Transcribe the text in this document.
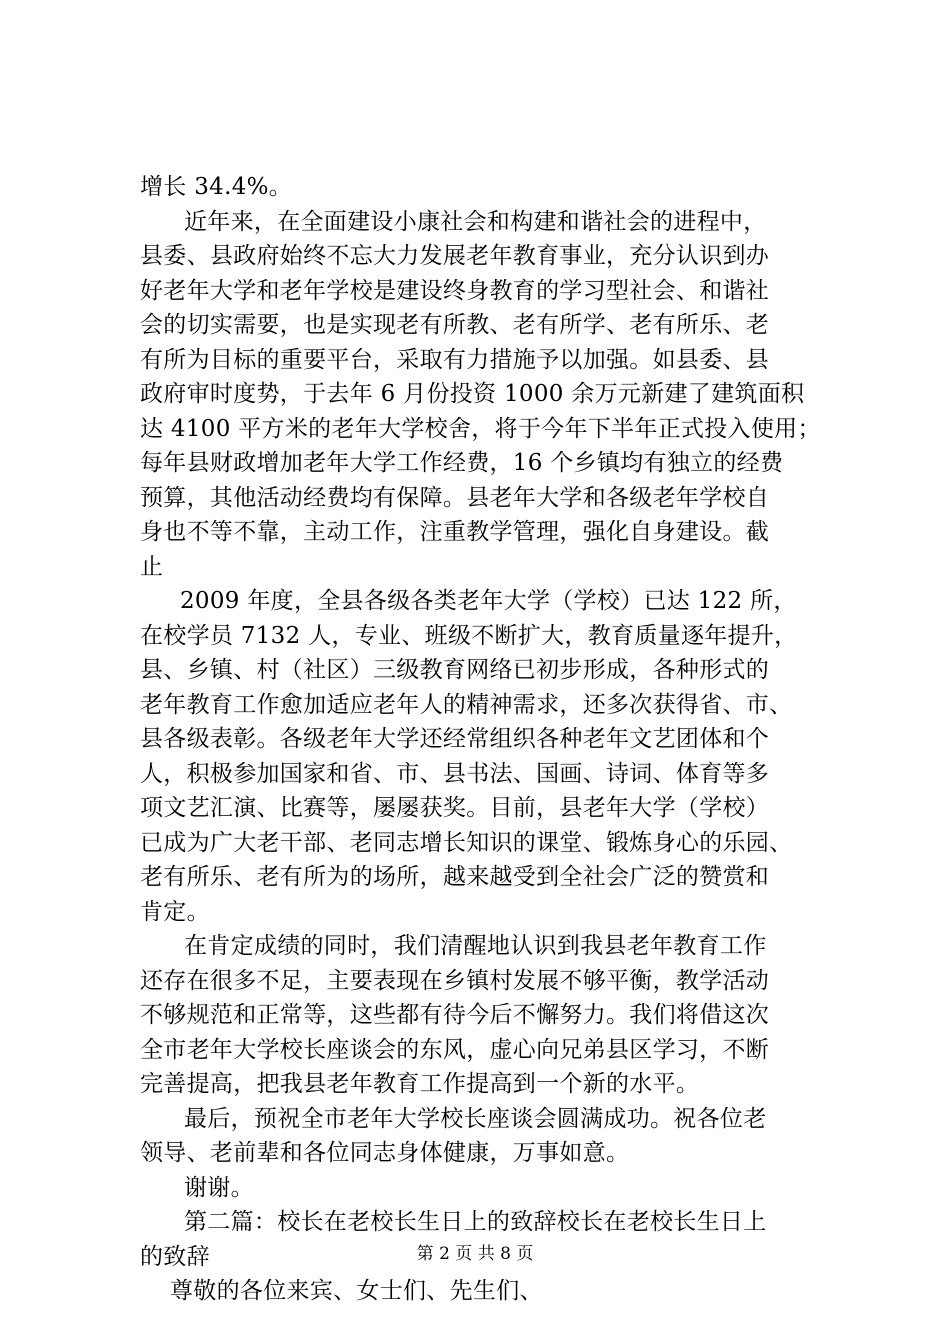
增长 34.4%。
近年来，在全面建设小康社会和构建和谐社会的进程中，
县委、县政府始终不忘大力发展老年教育事业，充分认识到办
好老年大学和老年学校是建设终身教育的学习型社会、和谐社
会的切实需要，也是实现老有所教、老有所学、老有所乐、老
有所为目标的重要平台，采取有力措施予以加强。如县委、县
政府审时度势，于去年 6 月份投资 1000 余万元新建了建筑面积
达 4100 平方米的老年大学校舍，将于今年下半年正式投入使用；
每年县财政增加老年大学工作经费，16 个乡镇均有独立的经费
预算，其他活动经费均有保障。县老年大学和各级老年学校自
身也不等不靠，主动工作，注重教学管理，强化自身建设。截
止
2009 年度，全县各级各类老年大学（学校）已达 122 所，
在校学员 7132 人，专业、班级不断扩大，教育质量逐年提升，
县、乡镇、村（社区）三级教育网络已初步形成，各种形式的
老年教育工作愈加适应老年人的精神需求，还多次获得省、市、
县各级表彰。各级老年大学还经常组织各种老年文艺团体和个
人，积极参加国家和省、市、县书法、国画、诗词、体育等多
项文艺汇演、比赛等，屡屡获奖。目前，县老年大学（学校）
已成为广大老干部、老同志增长知识的课堂、锻炼身心的乐园、
老有所乐、老有所为的场所，越来越受到全社会广泛的赞赏和
肯定。
在肯定成绩的同时，我们清醒地认识到我县老年教育工作
还存在很多不足，主要表现在乡镇村发展不够平衡，教学活动
不够规范和正常等，这些都有待今后不懈努力。我们将借这次
全市老年大学校长座谈会的东风，虚心向兄弟县区学习，不断
完善提高，把我县老年教育工作提高到一个新的水平。
最后，预祝全市老年大学校长座谈会圆满成功。祝各位老
领导、老前辈和各位同志身体健康，万事如意。
谢谢。
第二篇：校长在老校长生日上的致辞校长在老校长生日上
的致辞
尊敬的各位来宾、女士们、先生们、
第 2 页 共 8 页
